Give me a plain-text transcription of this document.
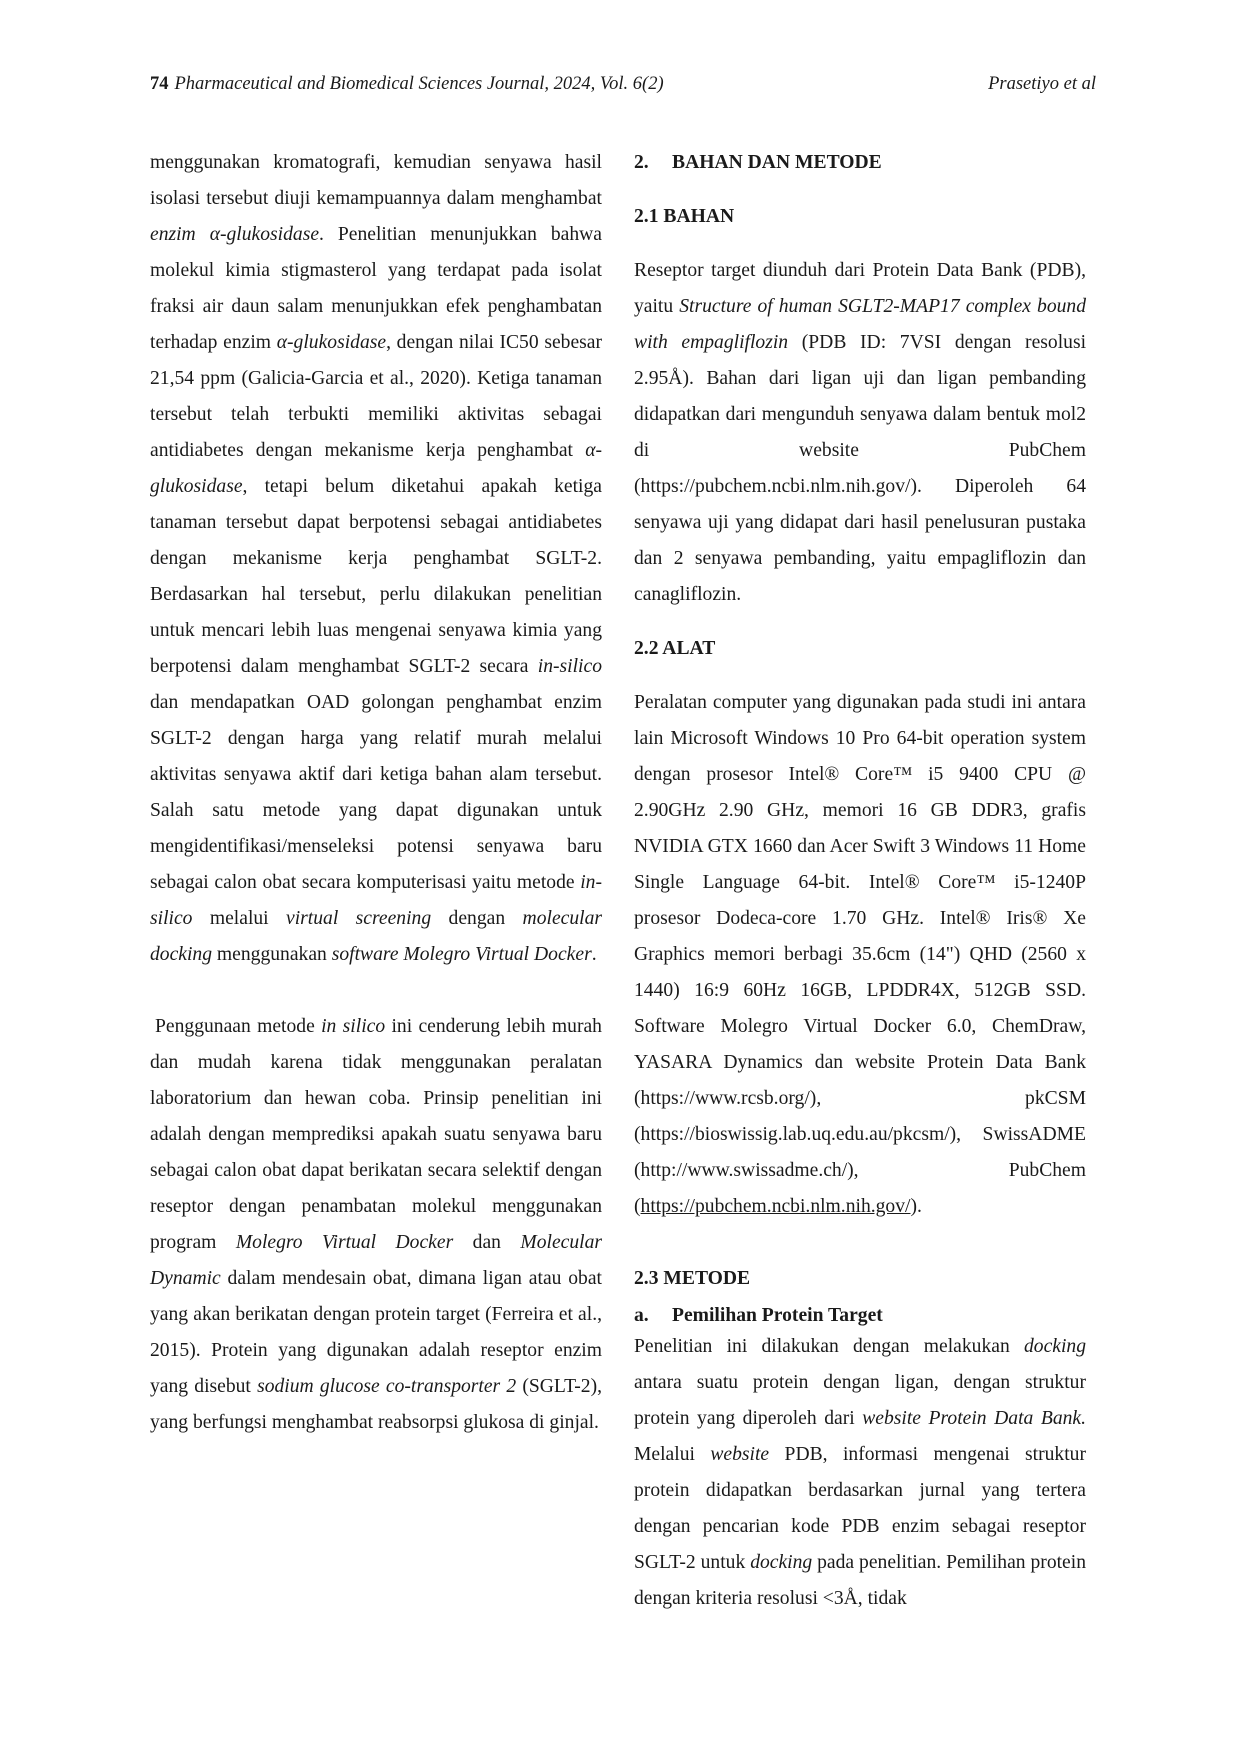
74 Pharmaceutical and Biomedical Sciences Journal, 2024, Vol. 6(2)	Prasetiyo et al

menggunakan kromatografi, kemudian senyawa hasil isolasi tersebut diuji kemampuannya dalam menghambat enzim α-glukosidase. Penelitian menunjukkan bahwa molekul kimia stigmasterol yang terdapat pada isolat fraksi air daun salam menunjukkan efek penghambatan terhadap enzim α-glukosidase, dengan nilai IC50 sebesar 21,54 ppm (Galicia-Garcia et al., 2020). Ketiga tanaman tersebut telah terbukti memiliki aktivitas sebagai antidiabetes dengan mekanisme kerja penghambat α-glukosidase, tetapi belum diketahui apakah ketiga tanaman tersebut dapat berpotensi sebagai antidiabetes dengan mekanisme kerja penghambat SGLT-2. Berdasarkan hal tersebut, perlu dilakukan penelitian untuk mencari lebih luas mengenai senyawa kimia yang berpotensi dalam menghambat SGLT-2 secara in-silico dan mendapatkan OAD golongan penghambat enzim SGLT-2 dengan harga yang relatif murah melalui aktivitas senyawa aktif dari ketiga bahan alam tersebut. Salah satu metode yang dapat digunakan untuk mengidentifikasi/menseleksi potensi senyawa baru sebagai calon obat secara komputerisasi yaitu metode in-silico melalui virtual screening dengan molecular docking menggunakan software Molegro Virtual Docker.

Penggunaan metode in silico ini cenderung lebih murah dan mudah karena tidak menggunakan peralatan laboratorium dan hewan coba. Prinsip penelitian ini adalah dengan memprediksi apakah suatu senyawa baru sebagai calon obat dapat berikatan secara selektif dengan reseptor dengan penambatan molekul menggunakan program Molegro Virtual Docker dan Molecular Dynamic dalam mendesain obat, dimana ligan atau obat yang akan berikatan dengan protein target (Ferreira et al., 2015). Protein yang digunakan adalah reseptor enzim yang disebut sodium glucose co-transporter 2 (SGLT-2), yang berfungsi menghambat reabsorpsi glukosa di ginjal.

2. BAHAN DAN METODE
2.1 BAHAN

Reseptor target diunduh dari Protein Data Bank (PDB), yaitu Structure of human SGLT2-MAP17 complex bound with empagliflozin (PDB ID: 7VSI dengan resolusi 2.95Å). Bahan dari ligan uji dan ligan pembanding didapatkan dari mengunduh senyawa dalam bentuk mol2 di website PubChem (https://pubchem.ncbi.nlm.nih.gov/). Diperoleh 64 senyawa uji yang didapat dari hasil penelusuran pustaka dan 2 senyawa pembanding, yaitu empagliflozin dan canagliflozin.

2.2 ALAT

Peralatan computer yang digunakan pada studi ini antara lain Microsoft Windows 10 Pro 64-bit operation system dengan prosesor Intel® Core™ i5 9400 CPU @ 2.90GHz 2.90 GHz, memori 16 GB DDR3, grafis NVIDIA GTX 1660 dan Acer Swift 3 Windows 11 Home Single Language 64-bit. Intel® Core™ i5-1240P prosesor Dodeca-core 1.70 GHz. Intel® Iris® Xe Graphics memori berbagi 35.6cm (14") QHD (2560 x 1440) 16:9 60Hz 16GB, LPDDR4X, 512GB SSD. Software Molegro Virtual Docker 6.0, ChemDraw, YASARA Dynamics dan website Protein Data Bank (https://www.rcsb.org/), pkCSM (https://bioswissig.lab.uq.edu.au/pkcsm/), SwissADME (http://www.swissadme.ch/), PubChem (https://pubchem.ncbi.nlm.nih.gov/).

2.3 METODE
a. Pemilihan Protein Target

Penelitian ini dilakukan dengan melakukan docking antara suatu protein dengan ligan, dengan struktur protein yang diperoleh dari website Protein Data Bank. Melalui website PDB, informasi mengenai struktur protein didapatkan berdasarkan jurnal yang tertera dengan pencarian kode PDB enzim sebagai reseptor SGLT-2 untuk docking pada penelitian. Pemilihan protein dengan kriteria resolusi <3Å, tidak
